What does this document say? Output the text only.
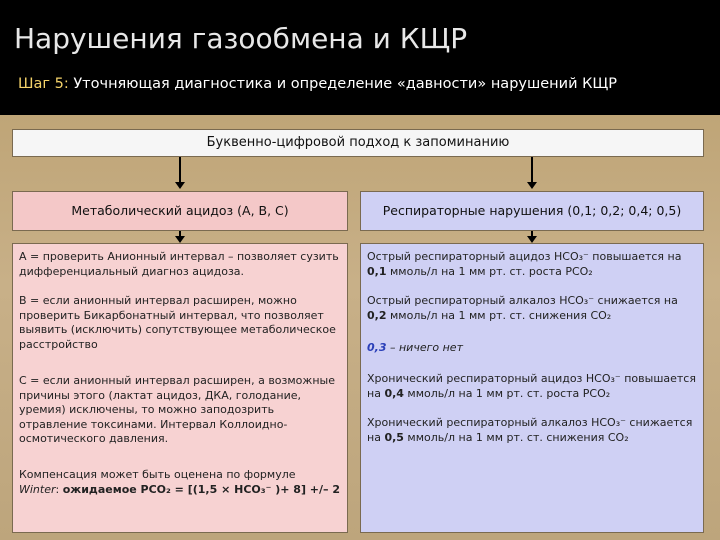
Нарушения газообмена и КЩР
Шаг 5: Уточняющая диагностика и определение «давности» нарушений КЩР
Буквенно-цифровой подход к запоминанию
Метаболический ацидоз (A, B, C)	Респираторные нарушения (0,1; 0,2; 0,4; 0,5)
A = проверить Анионный интервал – позволяет сузить дифференциальный диагноз ацидоза.
B = если анионный интервал расширен, можно проверить Бикарбонатный интервал, что позволяет выявить (исключить) сопутствующее метаболическое расстройство
C = если анионный интервал расширен, а возможные причины этого (лактат ацидоз, ДКА, голодание, уремия) исключены, то можно заподозрить отравление токсинами. Интервал Коллоидно-осмотического давления.
Компенсация может быть оценена по формуле
Winter: ожидаемое PCO₂ = [(1,5 × HCO₃⁻ )+ 8] +/– 2
Острый респираторный ацидоз HCO₃⁻ повышается на 0,1 ммоль/л на 1 мм рт. ст. роста PCO₂
Острый респираторный алкалоз HCO₃⁻ снижается на 0,2 ммоль/л на 1 мм рт. ст. снижения CO₂
0,3 – ничего нет
Хронический респираторный ацидоз HCO₃⁻ повышается на 0,4 ммоль/л на 1 мм рт. ст. роста PCO₂
Хронический респираторный алкалоз HCO₃⁻ снижается на 0,5 ммоль/л на 1 мм рт. ст. снижения CO₂
